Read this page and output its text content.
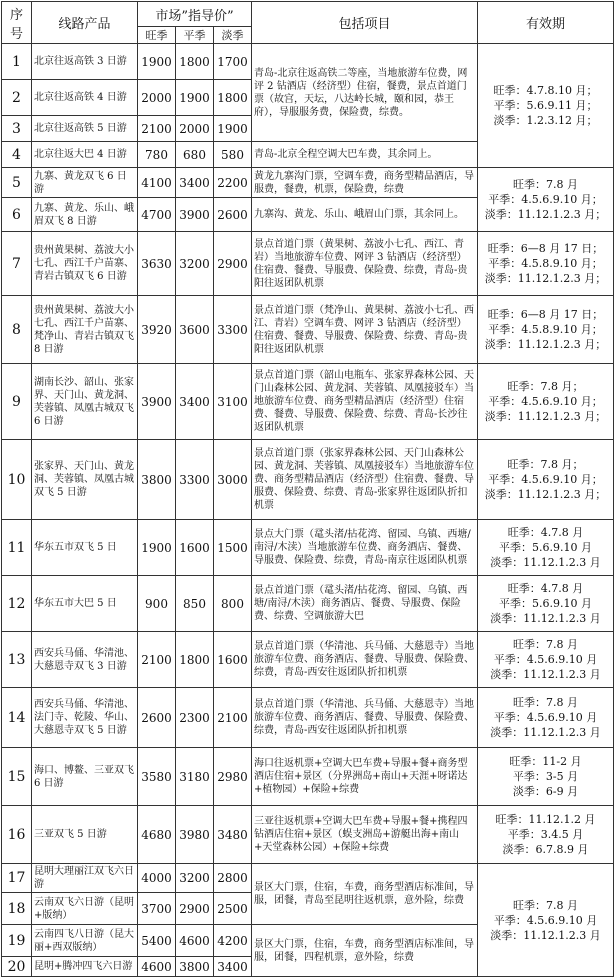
序号	线路产品	市场”指导价”			包括项目	有效期
		旺季	平季	淡季		
1	北京往返高铁 3 日游	1900	1800	1700	青岛-北京往返高铁二等座，当地旅游车位费，网评 2 钻酒店（经济型）住宿，餐费，景点首道门票（故宫，天坛，八达岭长城，颐和园，恭王府），导服服务费，保险费，综费。	旺季：4.7.8.10 月；
平季：5.6.9.11 月；
淡季：1.2.3.12 月；

2	北京往返高铁 4 日游	2000	1900	1800		
3	北京往返高铁 5 日游	2100	2000	1900		
4	北京往返大巴 4 日游	780	680	580	青岛-北京全程空调大巴车费，其余同上。	
5	九寨、黄龙双飞 6 日游	4100	3400	2200	黄龙九寨沟门票，空调车费，商务型精品酒店，导服费，餐费，机票，保险费，综费	旺季：7.8 月
平季：4.5.6.9.10 月；
淡季：11.12.1.2.3 月；

6	九寨、黄龙、乐山、峨眉双飞 8 日游	4700	3900	2600	九寨沟、黄龙、乐山、峨眉山门票，其余同上。	
7	贵州黄果树、荔波大小七孔、西江千户苗寨、青岩古镇双飞 6 日游	3630	3200	2900	景点首道门票（黄果树、荔波小七孔、西江、青岩）当地旅游车位费、网评 3 钻酒店（经济型）住宿费、餐费、导服费、保险费、综费，青岛-贵阳往返团队机票	旺季：6—8 月 17 日；
平季：4.5.8.9.10 月；
淡季：11.12.1.2.3 月；

8	贵州黄果树、荔波大小七孔、西江千户苗寨、梵净山、青岩古镇双飞 8 日游	3920	3600	3300	景点首道门票（梵净山、黄果树、荔波小七孔、西江、青岩）空调车费、网评 3 钻酒店（经济型）住宿费、餐费、导服费、保险费、综费、青岛-贵阳往返团队机票	旺季：6—8 月 17 日；
平季：4.5.8.9.10 月；
淡季：11.12.1.2.3 月；

9	湖南长沙、韶山、张家界、天门山、黄龙洞、芙蓉镇、凤凰古城双飞 6 日游	3900	3400	3100	景点首道门票（韶山电瓶车、张家界森林公园、天门山森林公园、黄龙洞、芙蓉镇、凤凰接驳车）当地旅游车位费、商务型精品酒店（经济型）住宿费、餐费、导服费、保险费、综费、青岛-长沙往返团队机票	旺季：7.8 月；
平季：4.5.6.9.10 月；
淡季：11.12.1.2.3 月；

10	张家界、天门山、黄龙洞、芙蓉镇、凤凰古城双飞 5 日游	3800	3300	3000	景点首道门票（张家界森林公园、天门山森林公园、黄龙洞、芙蓉镇、凤凰接驳车）当地旅游车位费、商务型精品酒店（经济型）住宿费、餐费、导服费、保险费、综费、青岛-张家界往返团队折扣机票	旺季：7.8 月；
平季：4.5.6.9.10 月；
淡季：11.12.1.2.3 月；

11	华东五市双飞 5 日	1900	1600	1500	景点大门票（鼋头渚/拈花湾、留园、乌镇、西塘/南浔/木渎）当地旅游车位费、商务酒店、餐费、导服费、保险费、综费，青岛-南京往返团队机票	旺季：4.7.8 月
平季：5.6.9.10 月
淡季：11.12.1.2.3 月

12	华东五市大巴 5 日	900	850	800	景点首道门票（鼋头渚/拈花湾、留园、乌镇、西塘/南浔/木渎）商务酒店、餐费、导服费、保险费、综费、空调旅游大巴	旺季：4.7.8 月
平季：5.6.9.10 月
淡季：11.12.1.2.3 月

13	西安兵马俑、华清池、大慈恩寺双飞 3 日游	2100	1800	1600	景点首道门票（华清池、兵马俑、大慈恩寺）当地旅游车位费、商务酒店、餐费、导服费、保险费、综费，青岛-西安往返团队折扣机票	旺季：7.8 月
平季：4.5.6.9.10 月
淡季：11.12.1.2.3 月

14	西安兵马俑、华清池、法门寺、乾陵、华山、大慈恩寺双飞 5 日游	2600	2300	2100	景点首道门票（华清池、兵马俑、大慈恩寺）当地旅游车位费、商务酒店、餐费、导服费、保险费、综费，青岛-西安往返团队折扣机票	旺季：7.8 月
平季：4.5.6.9.10 月
淡季：11.12.1.2.3 月

15	海口、博鳌、三亚双飞 6 日游	3580	3180	2980	海口往返机票+空调大巴车费+导服+餐+商务型酒店住宿+景区（分界洲岛+南山+天涯+呀诺达+植物园）+保险+综费	旺季：11-2 月
平季：3-5 月
淡季：6-9 月

16	三亚双飞 5 日游	4680	3980	3480	三亚往返机票+空调大巴车费+导服+餐+携程四钻酒店住宿+景区（蜈支洲岛+游艇出海+南山+天堂森林公园）+保险+综费	旺季：11.12.1.2 月
平季：3.4.5 月
淡季：6.7.8.9 月

17	昆明大理丽江双飞六日游	4000	3200	2800	景区大门票，住宿，车费，商务型酒店标准间，导服，团餐，青岛至昆明往返机票，意外险，综费	旺季：7.8 月
平季：4.5.6.9.10 月
淡季：11.12.1.2.3 月

18	云南双飞六日游（昆明+版纳）	3700	2900	2500		
19	云南四飞八日游（昆大丽+西双版纳）	5400	4600	4200	景区大门票，住宿，车费，商务型酒店标准间，导服，团餐，四程机票，意外险，综费	
20	昆明+腾冲四飞六日游	4600	3800	3400		
